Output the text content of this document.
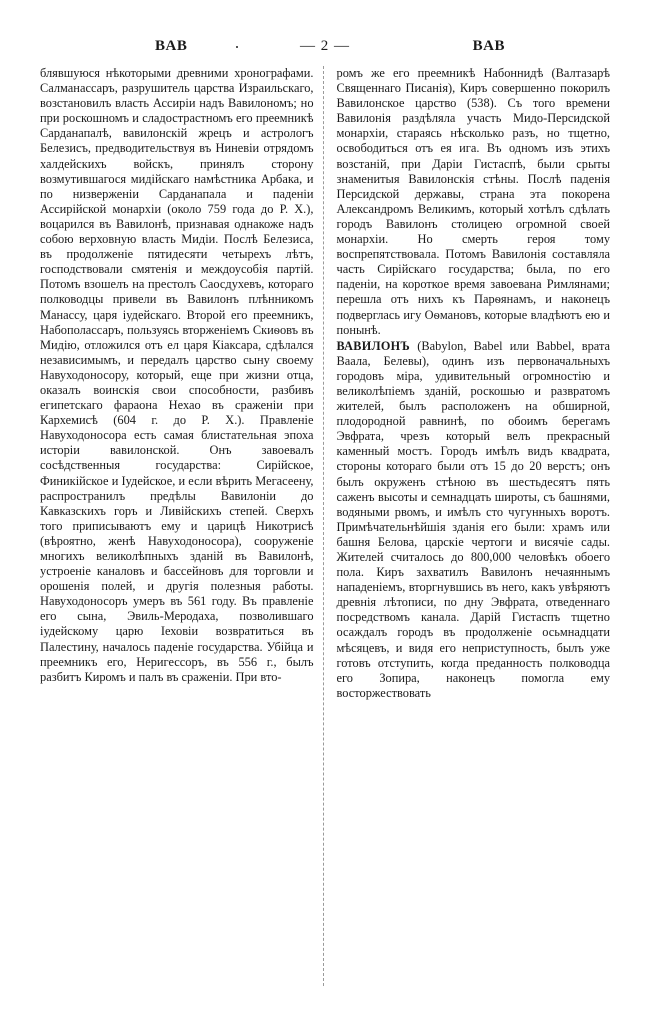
BAB	— 2 —	BAB

блявшуюся нѣкоторыми древними хронографами. Салманассаръ, разрушитель царства Израильскаго, возстановилъ власть Ассиріи надъ Вавилономъ; но при роскошномъ и сладострастномъ его преемникѣ Сарданапалѣ, вавилонскій жрецъ и астрологъ Белезисъ, предводительствуя въ Ниневіи отрядомъ халдейскихъ войскъ, принялъ сторону возмутившагося мидійскаго намѣстника Арбака, и по низверженіи Сарданапала и паденіи Ассирійской монархіи (около 759 года до Р. Х.), воцарился въ Вавилонѣ, признавая однакоже надъ собою верховную власть Мидіи. Послѣ Белезиса, въ продолженіе пятидесяти четырехъ лѣтъ, господствовали смятенія и междоусобія партій. Потомъ взошелъ на престолъ Саосдухевъ, котораго полководцы привели въ Вавилонъ плѣнникомъ Манассу, царя іудейскаго. Второй его преемникъ, Набополассаръ, пользуясь вторженіемъ Скиѳовъ въ Мидію, отложился отъ ел царя Кіаксара, сдѣлался независимымъ, и передалъ царство сыну своему Навуходоносору, который, еще при жизни отца, оказалъ воинскія свои способности, разбивъ египетскаго фараона Нехао въ сраженіи при Кархемисѣ (604 г. до Р. Х.). Правленіе Навуходоносора есть самая блистательная эпоха исторіи вавилонской. Онъ завоевалъ сосѣдственныя государства: Сирійское, Финикійское и Іудейское, и если вѣрить Мегасеену, распространилъ предѣлы Вавилоніи до Кавказскихъ горъ и Ливійскихъ степей. Сверхъ того приписываютъ ему и царицѣ Никотрисѣ (вѣроятно, женѣ Навуходоносора), сооруженіе многихъ великолѣпныхъ зданій въ Вавилонѣ, устроеніе каналовъ и бассейновъ для торговли и орошенія полей, и другія полезныя работы. Навуходоносоръ умеръ въ 561 году. Въ правленіе его сына, Эвиль-Меродаха, позволившаго іудейскому царю Іеховіи возвратиться въ Палестину, началось паденіе государства. Убійца и преемникъ его, Неригессоръ, въ 556 г., былъ разбитъ Киромъ и палъ въ сраженіи. При вто-

ромъ же его преемникѣ Набоннидѣ (Валтазарѣ Священнаго Писанія), Киръ совершенно покорилъ Вавилонское царство (538). Съ того времени Вавилонія раздѣляла участь Мидо-Персидской монархіи, стараясь нѣсколько разъ, но тщетно, освободиться отъ ея ига. Въ одномъ изъ этихъ возстаній, при Даріи Гистаспѣ, были срыты знаменитыя Вавилонскія стѣны. Послѣ паденія Персидской державы, страна эта покорена Александромъ Великимъ, который хотѣлъ сдѣлать городъ Вавилонъ столицею огромной своей монархіи. Но смерть героя тому воспрепятствовала. Потомъ Вавилонія составляла часть Сирійскаго государства; была, по его паденіи, на короткое время завоевана Римлянами; перешла отъ нихъ къ Парѳянамъ, и наконецъ подверглась игу Оѳмановъ, которые владѣютъ ею и понынѣ.

ВАВИЛОНЪ (Babylon, Babel или Babbel, врата Ваала, Белевы), одинъ изъ первоначальныхъ городовъ міра, удивительный огромностію и великолѣпіемъ зданій, роскошью и развратомъ жителей, былъ расположенъ на обширной, плодородной равнинѣ, по обоимъ берегамъ Эвфрата, чрезъ который велъ прекрасный каменный мостъ. Городъ имѣлъ видъ квадрата, стороны котораго были отъ 15 до 20 верстъ; онъ былъ окруженъ стѣною въ шестьдесятъ пять саженъ высоты и семнадцать широты, съ башнями, водяными рвомъ, и имѣлъ сто чугунныхъ воротъ. Примѣчательнѣйшія зданія его были: храмъ или башня Белова, царскіе чертоги и висячіе сады. Жителей считалось до 800,000 человѣкъ обоего пола. Киръ захватилъ Вавилонъ нечаяннымъ нападеніемъ, вторгнувшись въ него, какъ увѣряютъ древнія лѣтописи, по дну Эвфрата, отведеннаго посредствомъ канала. Дарій Гистаспъ тщетно осаждалъ городъ въ продолженіе осьмнадцати мѣсяцевъ, и видя его неприступность, былъ уже готовъ отступить, когда преданность полководца его Зопира, наконецъ помогла ему восторжествовать
